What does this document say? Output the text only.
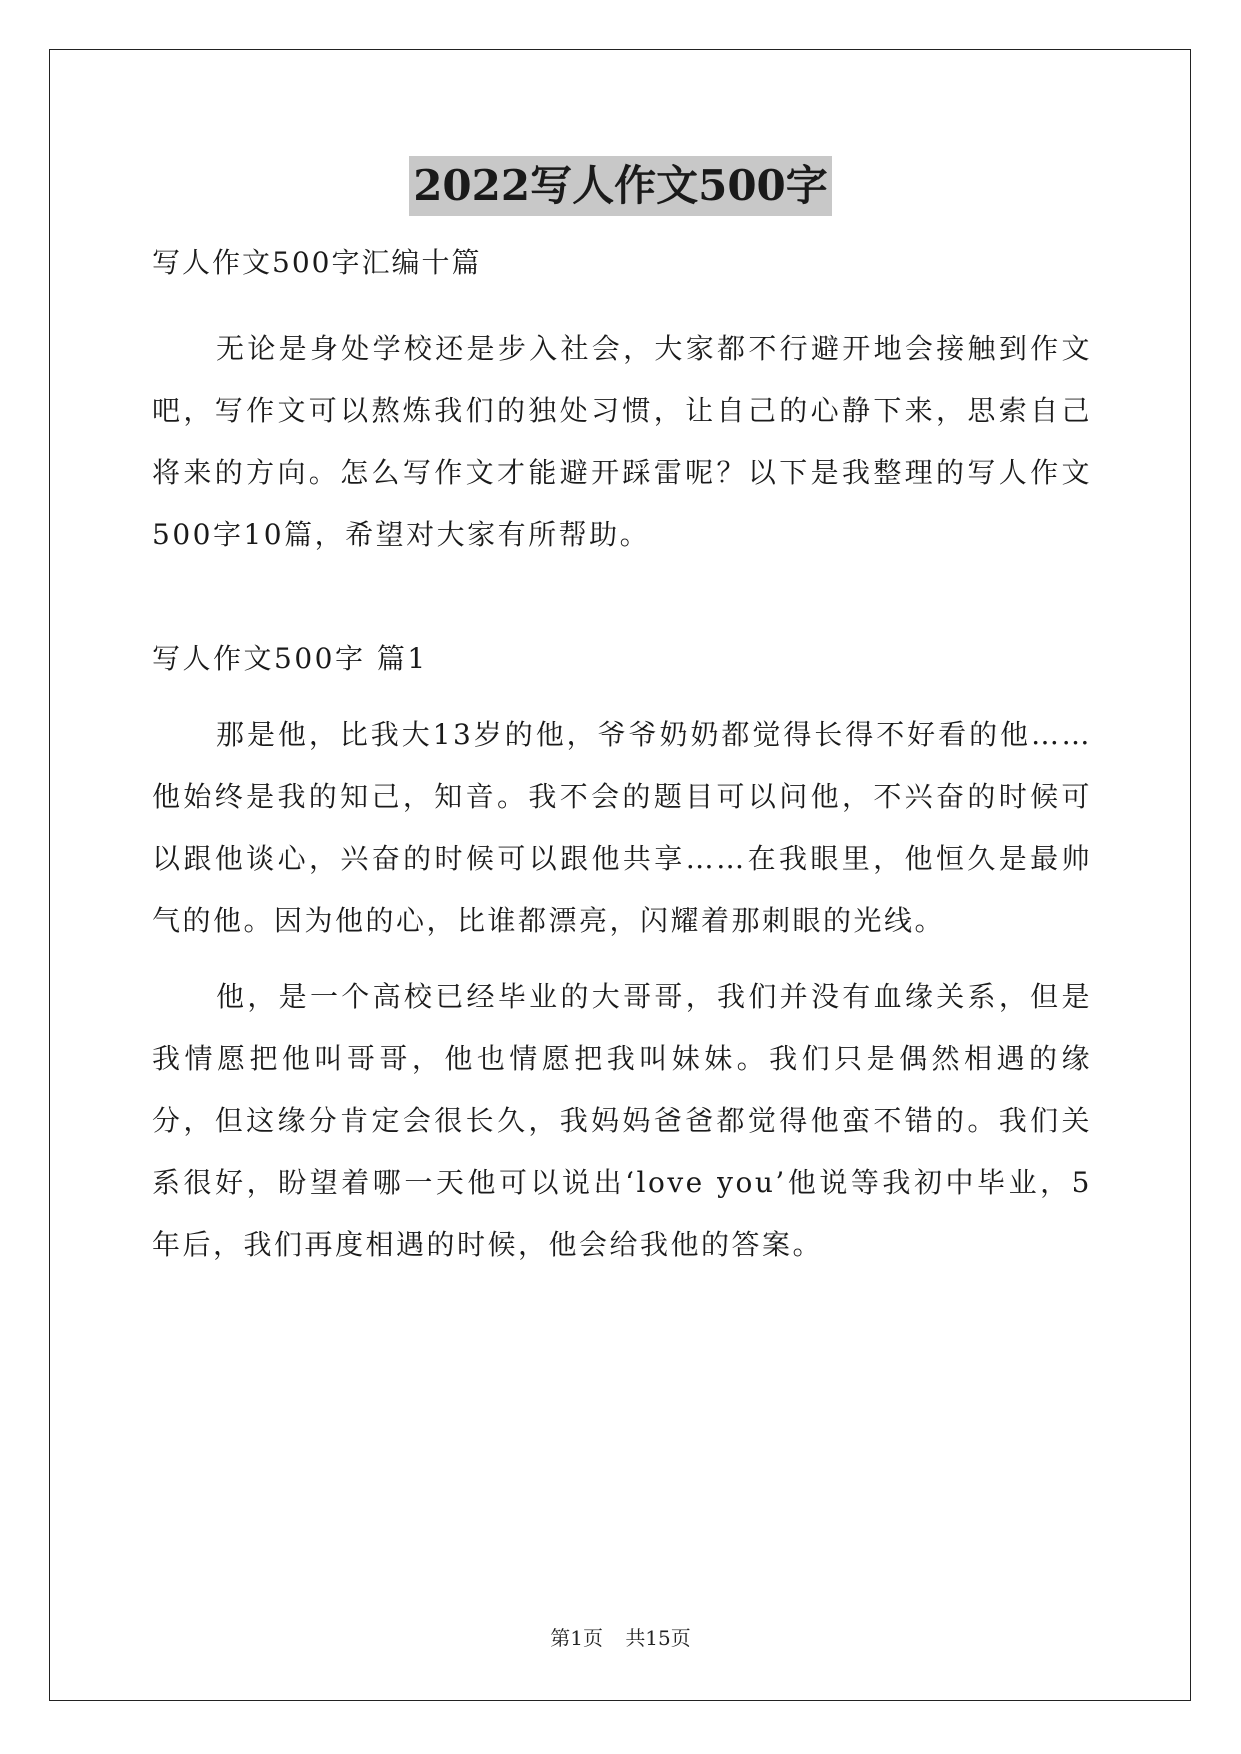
2022写人作文500字

写人作文500字汇编十篇

无论是身处学校还是步入社会，大家都不行避开地会接触到作文吧，写作文可以熬炼我们的独处习惯，让自己的心静下来，思索自己将来的方向。怎么写作文才能避开踩雷呢？以下是我整理的写人作文500字10篇，希望对大家有所帮助。

写人作文500字 篇1

那是他，比我大13岁的他，爷爷奶奶都觉得长得不好看的他……他始终是我的知己，知音。我不会的题目可以问他，不兴奋的时候可以跟他谈心，兴奋的时候可以跟他共享……在我眼里，他恒久是最帅气的他。因为他的心，比谁都漂亮，闪耀着那刺眼的光线。

他，是一个高校已经毕业的大哥哥，我们并没有血缘关系，但是我情愿把他叫哥哥，他也情愿把我叫妹妹。我们只是偶然相遇的缘分，但这缘分肯定会很长久，我妈妈爸爸都觉得他蛮不错的。我们关系很好，盼望着哪一天他可以说出‘love you’他说等我初中毕业，5年后，我们再度相遇的时候，他会给我他的答案。

第1页 共15页
